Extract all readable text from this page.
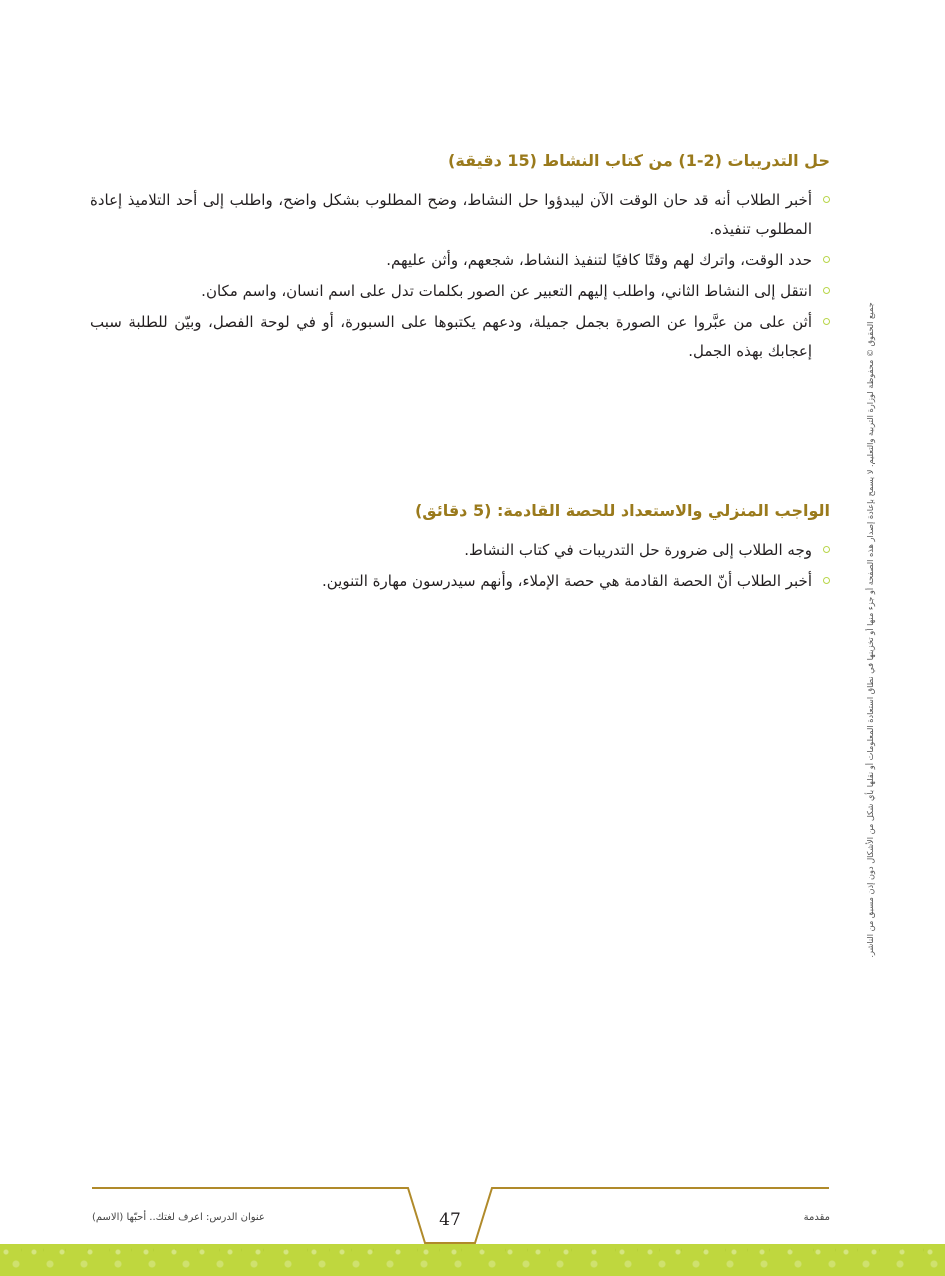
حل التدريبات (2-1) من كتاب النشاط (15 دقيقة)
أخبر الطلاب أنه قد حان الوقت الآن ليبدؤوا حل النشاط، وضح المطلوب بشكل واضح، واطلب إلى أحد التلاميذ إعادة المطلوب تنفيذه.
حدد الوقت، واترك لهم وقتًا كافيًا لتنفيذ النشاط، شجعهم، وأثن عليهم.
انتقل إلى النشاط الثاني، واطلب إليهم التعبير عن الصور بكلمات تدل على اسم انسان، واسم مكان.
أثن على من عبَّروا عن الصورة بجمل جميلة، ودعهم يكتبوها على السبورة، أو في لوحة الفصل، وبيّن للطلبة سبب إعجابك بهذه الجمل.
الواجب المنزلي والاستعداد للحصة القادمة: (5 دقائق)
وجه الطلاب إلى ضرورة حل التدريبات في كتاب النشاط.
أخبر الطلاب أنّ الحصة القادمة هي حصة الإملاء، وأنهم سيدرسون مهارة التنوين.	جميع الحقوق © محفوظة لوزارة التربية والتعليم. لا يسمح بإعادة إصدار هذه الصفحة أو جزء منها أو تخزينها في نطاق استعادة المعلومات أو نقلها بأي شكل من الأشكال دون إذن مسبق من الناشر.
عنوان الدرس: اعرف لغتك.. أحبّها (الاسم)	مقدمة
47
